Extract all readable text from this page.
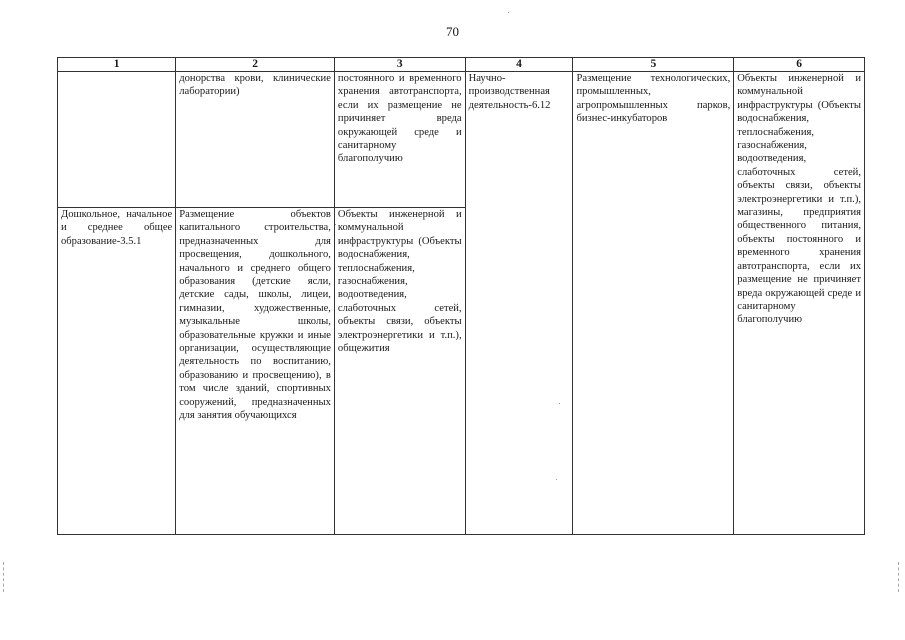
70
1	2	3	4	5	6
	донорства крови, клинические лаборатории)	постоянного и временного хранения автотранспорта, если их размещение не причиняет вреда окружающей среде и санитарному благополучию	Научно-производственная деятельность-6.12	Размещение технологических, промышленных, агропромышленных парков, бизнес-инкубаторов	Объекты инженерной и коммунальной инфраструктуры (Объекты водоснабжения, теплоснабжения, газоснабжения, водоотведения, слаботочных сетей, объекты связи, объекты электроэнергетики и т.п.), магазины, предприятия общественного питания, объекты постоянного и временного хранения автотранспорта, если их размещение не причиняет вреда окружающей среде и санитарному благополучию
Дошкольное, начальное и среднее общее образование-3.5.1	Размещение объектов капитального строительства, предназначенных для просвещения, дошкольного, начального и среднего общего образования (детские ясли, детские сады, школы, лицеи, гимназии, художественные, музыкальные школы, образовательные кружки и иные организации, осуществляющие деятельность по воспитанию, образованию и просвещению), в том числе зданий, спортивных сооружений, предназначенных для занятия обучающихся	Объекты инженерной и коммунальной инфраструктуры (Объекты водоснабжения, теплоснабжения, газоснабжения, водоотведения, слаботочных сетей, объекты связи, объекты электроэнергетики и т.п.), общежития			
